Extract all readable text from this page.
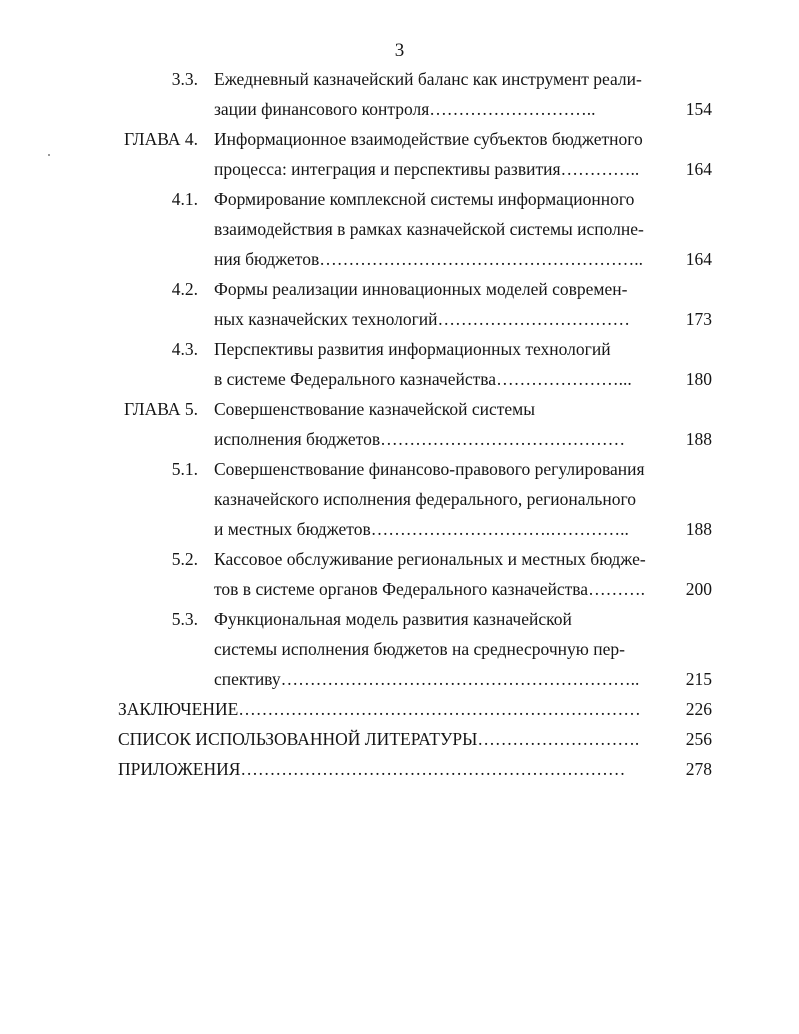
3
3.3. Ежедневный казначейский баланс как инструмент реали-
зации финансового контроля………………………..	154
ГЛАВА 4. Информационное взаимодействие субъектов бюджетного
процесса: интеграция и перспективы развития…………..	164
4.1. Формирование комплексной системы информационного
взаимодействия в рамках казначейской системы исполне-
ния бюджетов………………………………………………..	164
4.2. Формы реализации инновационных моделей современ-
ных казначейских технологий……………………………	173
4.3. Перспективы развития информационных технологий
в системе Федерального казначейства…………………...	180
ГЛАВА 5. Совершенствование казначейской системы
исполнения бюджетов……………………………………	188
5.1. Совершенствование финансово-правового регулирования
казначейского исполнения федерального, регионального
и местных бюджетов………………………….…………..	188
5.2. Кассовое обслуживание региональных и местных бюдже-
тов в системе органов Федерального казначейства……….	200
5.3. Функциональная модель развития казначейской
системы исполнения бюджетов на среднесрочную пер-
спективу……………………………………………………..	215
ЗАКЛЮЧЕНИЕ……………………………………………………………	226
СПИСОК ИСПОЛЬЗОВАННОЙ ЛИТЕРАТУРЫ……………………….	256
ПРИЛОЖЕНИЯ…………………………………………………………	278
